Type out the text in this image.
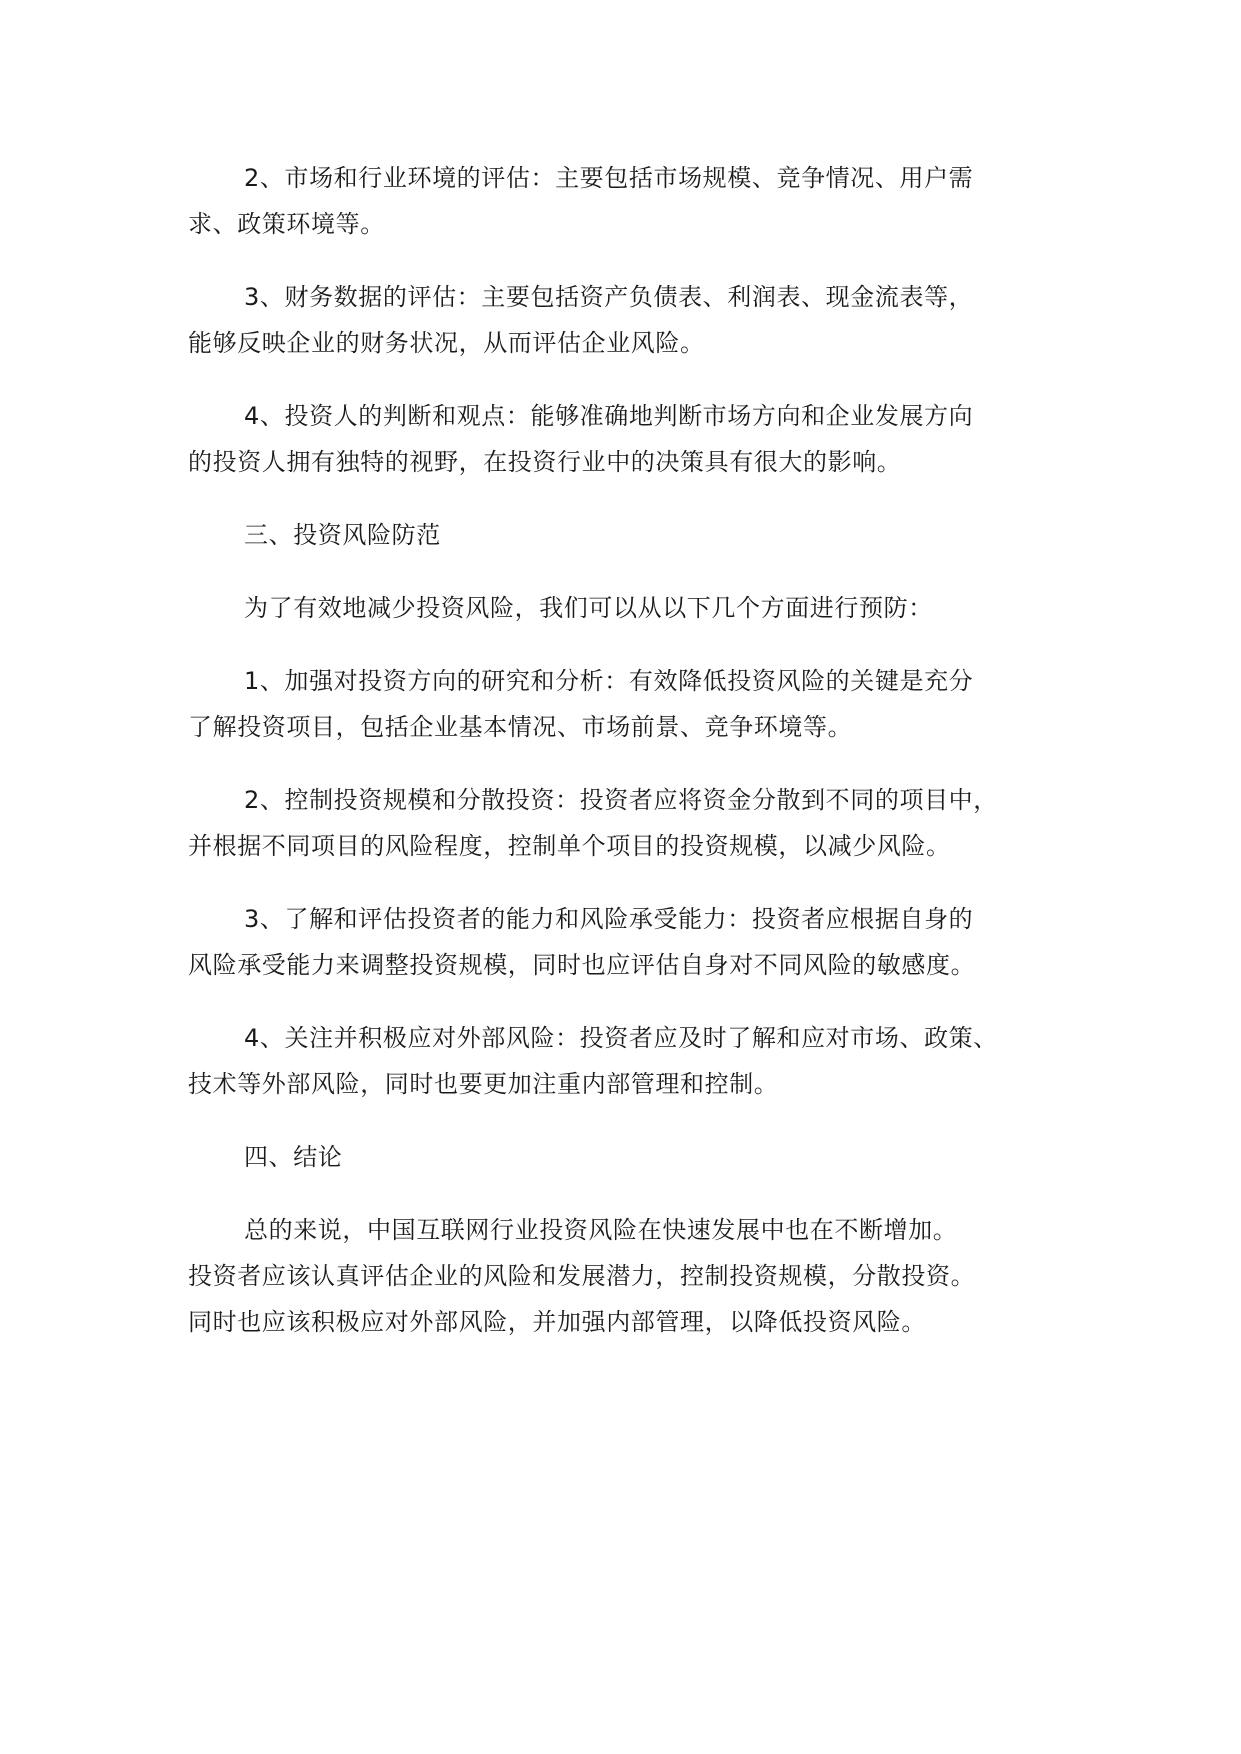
2、市场和行业环境的评估：主要包括市场规模、竞争情况、用户需
求、政策环境等。

3、财务数据的评估：主要包括资产负债表、利润表、现金流表等，
能够反映企业的财务状况，从而评估企业风险。

4、投资人的判断和观点：能够准确地判断市场方向和企业发展方向
的投资人拥有独特的视野，在投资行业中的决策具有很大的影响。

三、投资风险防范

为了有效地减少投资风险，我们可以从以下几个方面进行预防：

1、加强对投资方向的研究和分析：有效降低投资风险的关键是充分
了解投资项目，包括企业基本情况、市场前景、竞争环境等。

2、控制投资规模和分散投资：投资者应将资金分散到不同的项目中，
并根据不同项目的风险程度，控制单个项目的投资规模，以减少风险。

3、了解和评估投资者的能力和风险承受能力：投资者应根据自身的
风险承受能力来调整投资规模，同时也应评估自身对不同风险的敏感度。

4、关注并积极应对外部风险：投资者应及时了解和应对市场、政策、
技术等外部风险，同时也要更加注重内部管理和控制。

四、结论

总的来说，中国互联网行业投资风险在快速发展中也在不断增加。
投资者应该认真评估企业的风险和发展潜力，控制投资规模，分散投资。
同时也应该积极应对外部风险，并加强内部管理，以降低投资风险。
